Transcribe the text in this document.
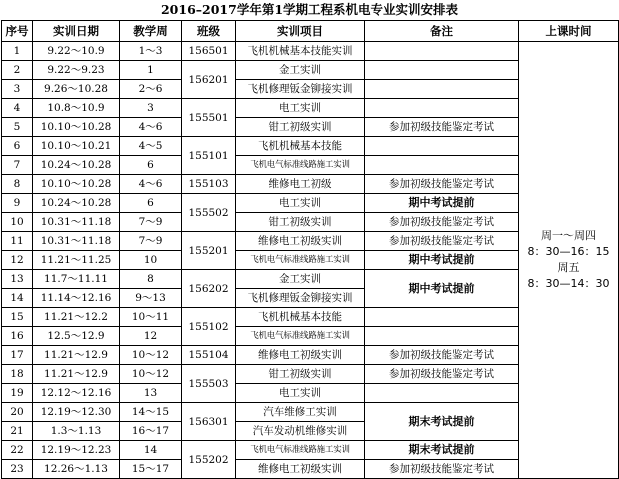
2016–2017学年第1学期工程系机电专业实训安排表
序号	实训日期	教学周	班级	实训项目	备注	上课时间
1	9.22～10.9	1～3	156501	飞机机械基本技能实训		周一～周四
8：30—16：15
周五
8：30—14：30

2	9.22～9.23	1	156201	金工实训		
3	9.26～10.28	2～6		飞机修理钣金铆接实训		
4	10.8～10.9	3	155501	电工实训		
5	10.10～10.28	4～6		钳工初级实训	参加初级技能鉴定考试	
6	10.10～10.21	4～5	155101	飞机机械基本技能		
7	10.24～10.28	6		飞机电气标准线路施工实训		
8	10.10～10.28	4～6	155103	维修电工初级	参加初级技能鉴定考试	
9	10.24～10.28	6	155502	电工实训	期中考试提前	
10	10.31～11.18	7～9		钳工初级实训	参加初级技能鉴定考试	
11	10.31～11.18	7～9	155201	维修电工初级实训	参加初级技能鉴定考试	
12	11.21～11.25	10		飞机电气标准线路施工实训	期中考试提前	
13	11.7～11.11	8	156202	金工实训	期中考试提前	
14	11.14～12.16	9～13		飞机修理钣金铆接实训		
15	11.21～12.2	10～11	155102	飞机机械基本技能		
16	12.5～12.9	12		飞机电气标准线路施工实训		
17	11.21～12.9	10～12	155104	维修电工初级实训	参加初级技能鉴定考试	
18	11.21～12.9	10～12	155503	钳工初级实训	参加初级技能鉴定考试	
19	12.12～12.16	13		电工实训		
20	12.19～12.30	14～15	156301	汽车维修工实训	期末考试提前	
21	1.3～1.13	16～17		汽车发动机维修实训		
22	12.19～12.23	14	155202	飞机电气标准线路施工实训	期末考试提前	
23	12.26～1.13	15～17		维修电工初级实训	参加初级技能鉴定考试	
